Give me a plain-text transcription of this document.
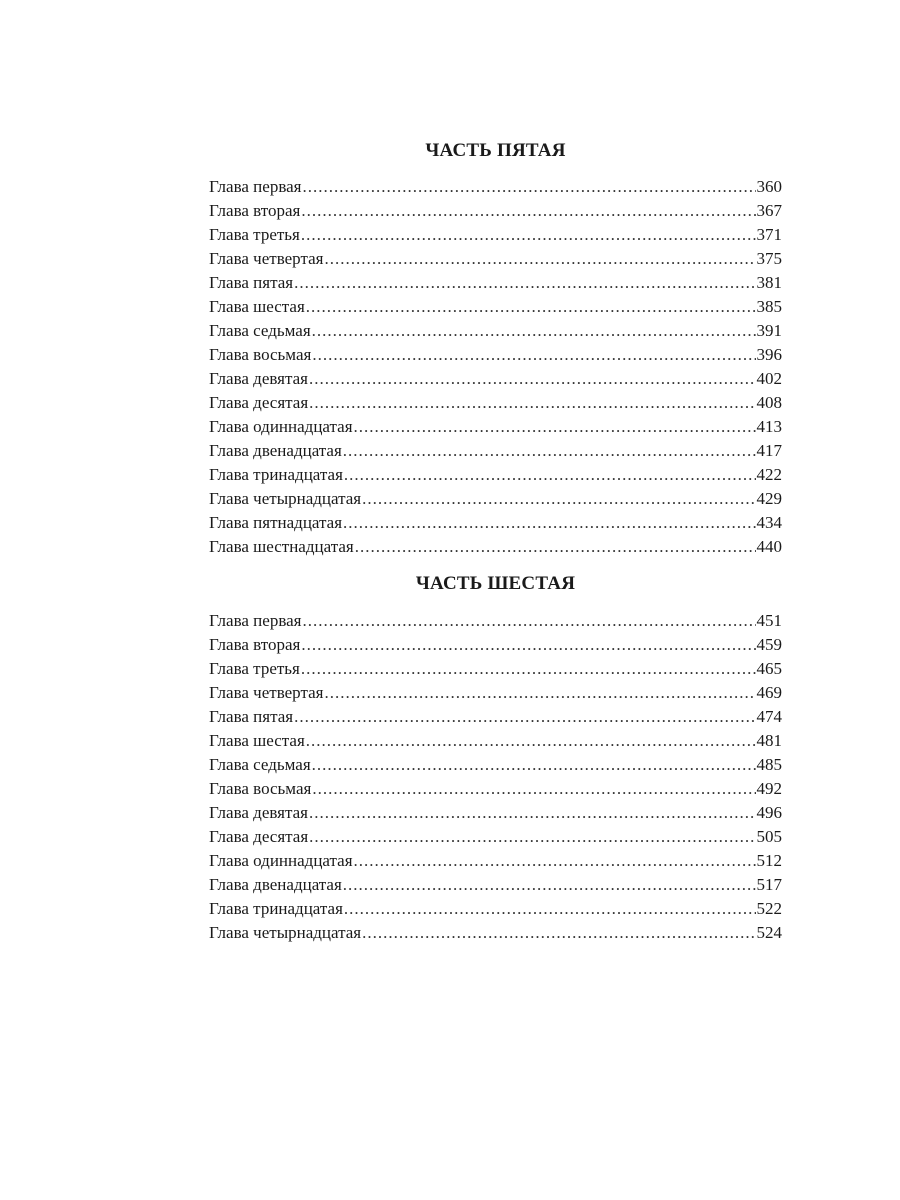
ЧАСТЬ ПЯТАЯ
Глава первая .....	360
Глава вторая .....	367
Глава третья .....	371
Глава четвертая .....	375
Глава пятая .....	381
Глава шестая .....	385
Глава седьмая .....	391
Глава восьмая .....	396
Глава девятая .....	402
Глава десятая .....	408
Глава одиннадцатая .....	413
Глава двенадцатая .....	417
Глава тринадцатая .....	422
Глава четырнадцатая .....	429
Глава пятнадцатая .....	434
Глава шестнадцатая .....	440
ЧАСТЬ ШЕСТАЯ
Глава первая .....	451
Глава вторая .....	459
Глава третья .....	465
Глава четвертая .....	469
Глава пятая .....	474
Глава шестая .....	481
Глава седьмая .....	485
Глава восьмая .....	492
Глава девятая .....	496
Глава десятая .....	505
Глава одиннадцатая .....	512
Глава двенадцатая .....	517
Глава тринадцатая .....	522
Глава четырнадцатая .....	524
